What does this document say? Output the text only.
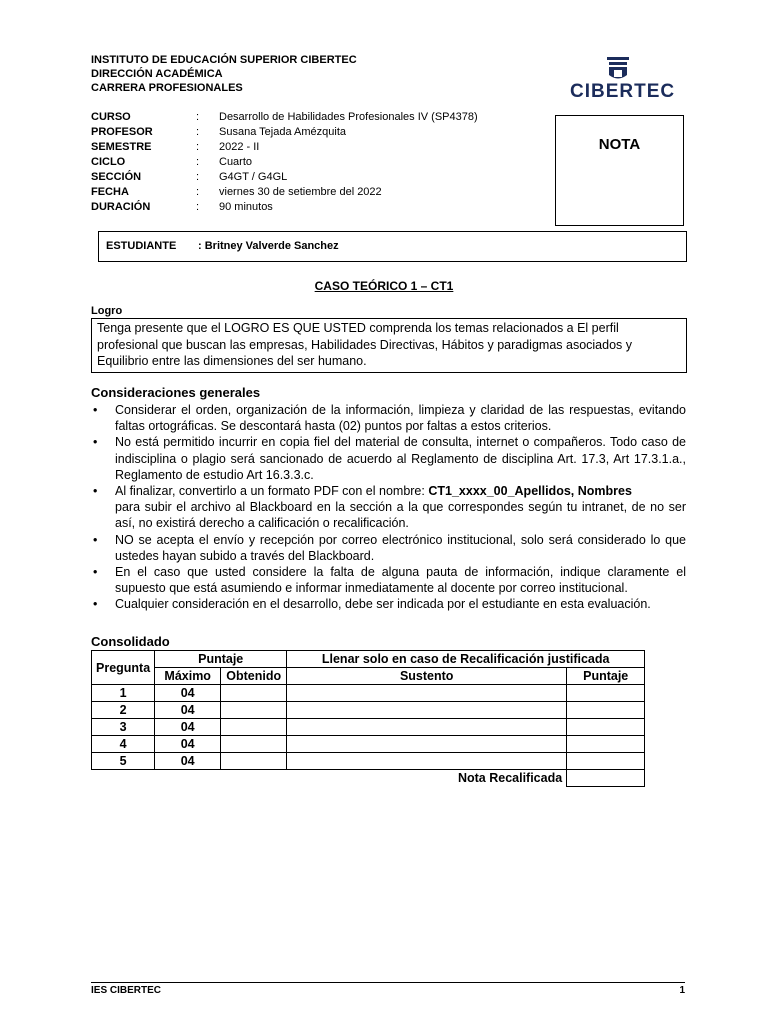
INSTITUTO DE EDUCACIÓN SUPERIOR CIBERTEC
DIRECCIÓN ACADÉMICA
CARRERA PROFESIONALES	CIBERTEC
CURSO	: Desarrollo de Habilidades Profesionales IV (SP4378)
PROFESOR	: Susana Tejada Amézquita
SEMESTRE	: 2022 - II
CICLO	: Cuarto
SECCIÓN	: G4GT / G4GL
FECHA	: viernes 30 de setiembre del 2022
DURACIÓN	: 90 minutos
NOTA
ESTUDIANTE : Britney Valverde Sanchez
CASO TEÓRICO 1 – CT1
Logro
Tenga presente que el LOGRO ES QUE USTED comprenda los temas relacionados a El perfil profesional que buscan las empresas, Habilidades Directivas, Hábitos y paradigmas asociados y Equilibrio entre las dimensiones del ser humano.
Consideraciones generales
• Considerar el orden, organización de la información, limpieza y claridad de las respuestas, evitando faltas ortográficas. Se descontará hasta (02) puntos por faltas a estos criterios.
• No está permitido incurrir en copia fiel del material de consulta, internet o compañeros. Todo caso de indisciplina o plagio será sancionado de acuerdo al Reglamento de disciplina Art. 17.3, Art 17.3.1.a., Reglamento de estudio Art 16.3.3.c.
• Al finalizar, convertirlo a un formato PDF con el nombre: CT1_xxxx_00_Apellidos, Nombres
para subir el archivo al Blackboard en la sección a la que correspondes según tu intranet, de no ser así, no existirá derecho a calificación o recalificación.
• NO se acepta el envío y recepción por correo electrónico institucional, solo será considerado lo que ustedes hayan subido a través del Blackboard.
• En el caso que usted considere la falta de alguna pauta de información, indique claramente el supuesto que está asumiendo e informar inmediatamente al docente por correo institucional.
• Cualquier consideración en el desarrollo, debe ser indicada por el estudiante en esta evaluación.
Consolidado
Pregunta	Puntaje		Llenar solo en caso de Recalificación justificada	
	Máximo	Obtenido	Sustento	Puntaje
1	04			
2	04			
3	04			
4	04			
5	04			
			Nota Recalificada	
IES CIBERTEC	1
